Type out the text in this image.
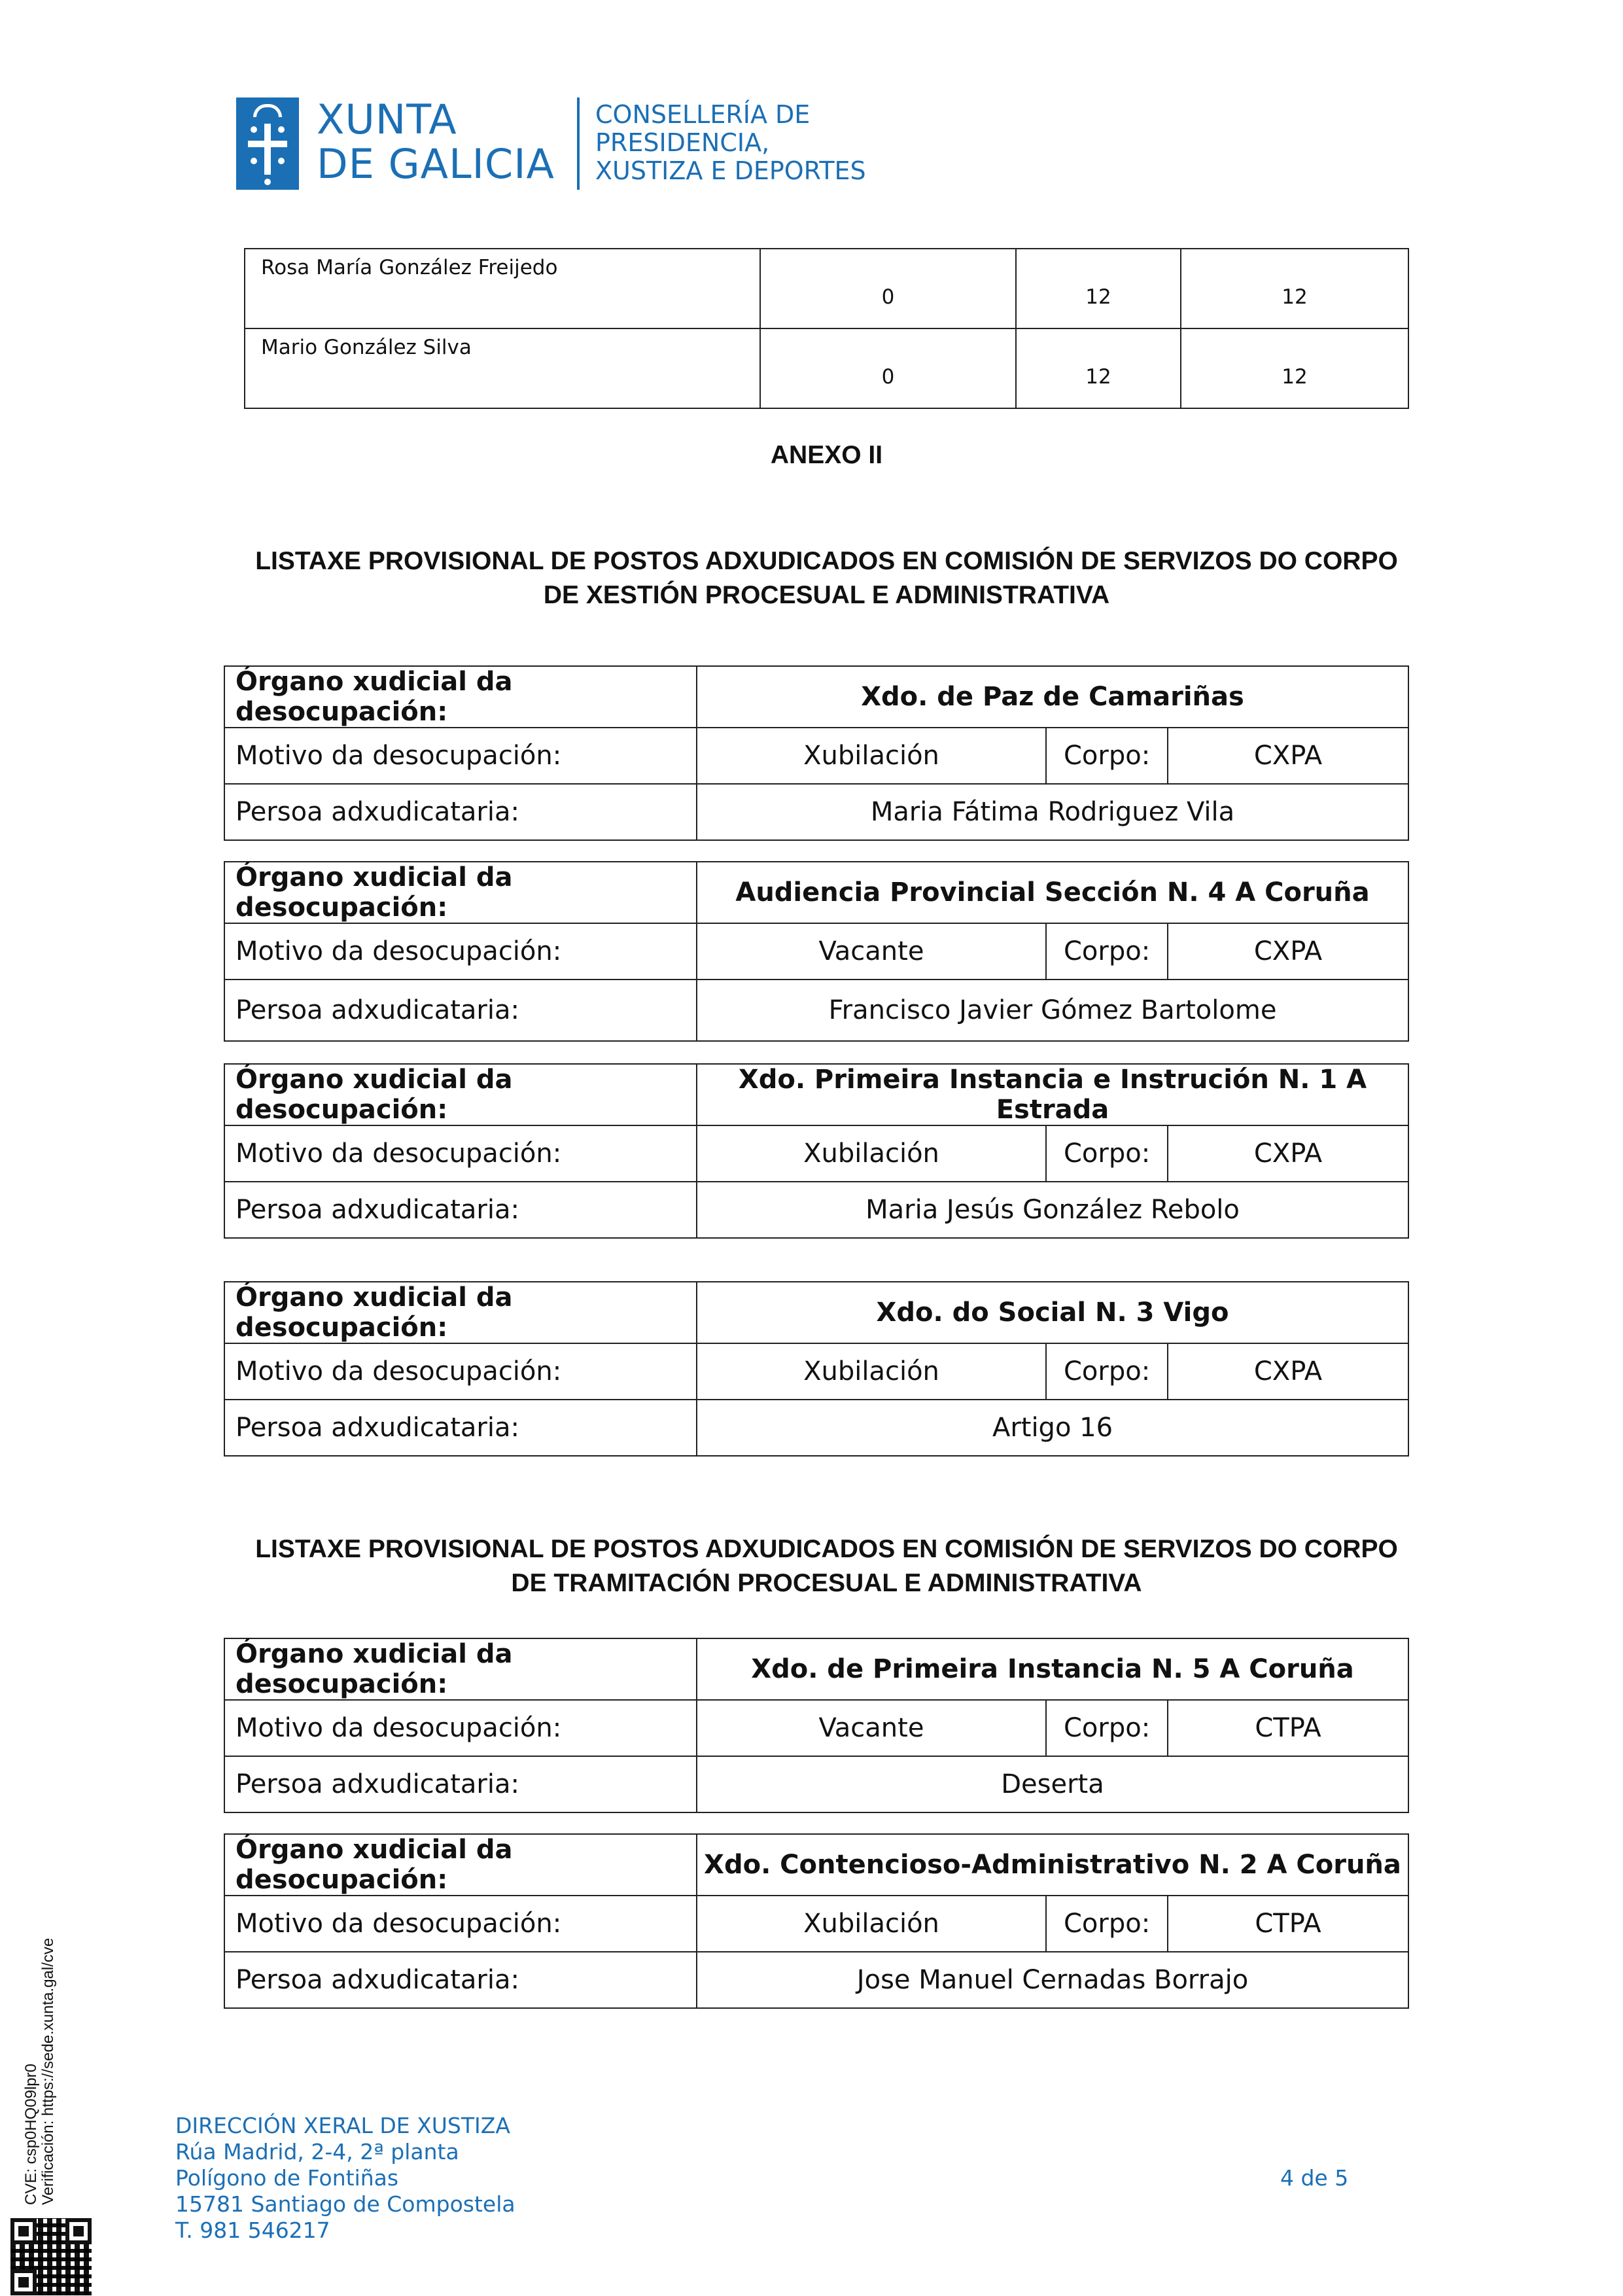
XUNTA
DE GALICIA
CONSELLERÍA DE
PRESIDENCIA,
XUSTIZA E DEPORTES
Rosa María González Freijedo	0	12	12
Mario González Silva	0	12	12
ANEXO II
LISTAXE PROVISIONAL DE POSTOS ADXUDICADOS EN COMISIÓN DE SERVIZOS DO CORPO
DE XESTIÓN PROCESUAL E ADMINISTRATIVA
Órgano xudicial da desocupación:	Xdo. de Paz de Camariñas		
Motivo da desocupación:	Xubilación	Corpo:	CXPA
Persoa adxudicataria:	Maria Fátima Rodriguez Vila		
Órgano xudicial da desocupación:	Audiencia Provincial Sección N. 4 A Coruña		
Motivo da desocupación:	Vacante	Corpo:	CXPA
Persoa adxudicataria:	Francisco Javier Gómez Bartolome		
Órgano xudicial da desocupación:	Xdo. Primeira Instancia e Instrución N. 1 A Estrada		
Motivo da desocupación:	Xubilación	Corpo:	CXPA
Persoa adxudicataria:	Maria Jesús González Rebolo		
Órgano xudicial da desocupación:	Xdo. do Social N. 3 Vigo		
Motivo da desocupación:	Xubilación	Corpo:	CXPA
Persoa adxudicataria:	Artigo 16		
LISTAXE PROVISIONAL DE POSTOS ADXUDICADOS EN COMISIÓN DE SERVIZOS DO CORPO
DE TRAMITACIÓN PROCESUAL E ADMINISTRATIVA
Órgano xudicial da desocupación:	Xdo. de Primeira Instancia N. 5 A Coruña		
Motivo da desocupación:	Vacante	Corpo:	CTPA
Persoa adxudicataria:	Deserta		
Órgano xudicial da desocupación:	Xdo. Contencioso-Administrativo N. 2 A Coruña		
Motivo da desocupación:	Xubilación	Corpo:	CTPA
Persoa adxudicataria:	Jose Manuel Cernadas Borrajo		
DIRECCIÓN XERAL DE XUSTIZA
Rúa Madrid, 2-4, 2ª planta
Polígono de Fontiñas
15781 Santiago de Compostela
T. 981 546217
4 de 5
CVE: csp0HQ09lpr0 Verificación: https://sede.xunta.gal/cve
